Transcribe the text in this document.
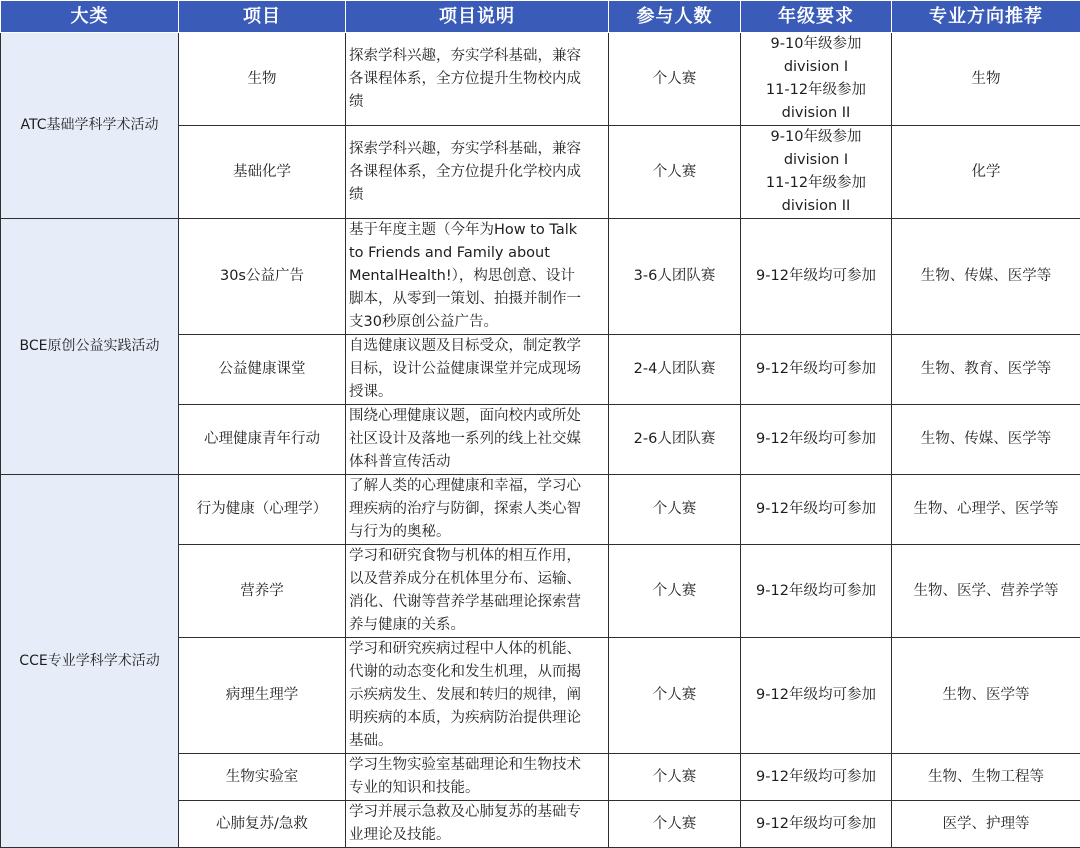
大类	项目	项目说明	参与人数	年级要求	专业方向推荐
ATC基础学科学术活动	生物	探索学科兴趣，夯实学科基础，兼容
各课程体系，全方位提升生物校内成
绩	个人赛	9-10年级参加
division I
11-12年级参加
division II	生物
	基础化学	探索学科兴趣，夯实学科基础，兼容
各课程体系，全方位提升化学校内成
绩	个人赛	9-10年级参加
division I
11-12年级参加
division II	化学
BCE原创公益实践活动	30s公益广告	基于年度主题（今年为How to Talk
to Friends and Family about
MentalHealth!），构思创意、设计
脚本，从零到一策划、拍摄并制作一
支30秒原创公益广告。	3-6人团队赛	9-12年级均可参加	生物、传媒、医学等
	公益健康课堂	自选健康议题及目标受众，制定教学
目标，设计公益健康课堂并完成现场
授课。	2-4人团队赛	9-12年级均可参加	生物、教育、医学等
	心理健康青年行动	围绕心理健康议题，面向校内或所处
社区设计及落地一系列的线上社交媒
体科普宣传活动	2-6人团队赛	9-12年级均可参加	生物、传媒、医学等
CCE专业学科学术活动	行为健康（心理学）	了解人类的心理健康和幸福，学习心
理疾病的治疗与防御，探索人类心智
与行为的奥秘。	个人赛	9-12年级均可参加	生物、心理学、医学等
	营养学	学习和研究食物与机体的相互作用，
以及营养成分在机体里分布、运输、
消化、代谢等营养学基础理论探索营
养与健康的关系。	个人赛	9-12年级均可参加	生物、医学、营养学等
	病理生理学	学习和研究疾病过程中人体的机能、
代谢的动态变化和发生机理，从而揭
示疾病发生、发展和转归的规律，阐
明疾病的本质，为疾病防治提供理论
基础。	个人赛	9-12年级均可参加	生物、医学等
	生物实验室	学习生物实验室基础理论和生物技术
专业的知识和技能。	个人赛	9-12年级均可参加	生物、生物工程等
	心肺复苏/急救	学习并展示急救及心肺复苏的基础专
业理论及技能。	个人赛	9-12年级均可参加	医学、护理等
